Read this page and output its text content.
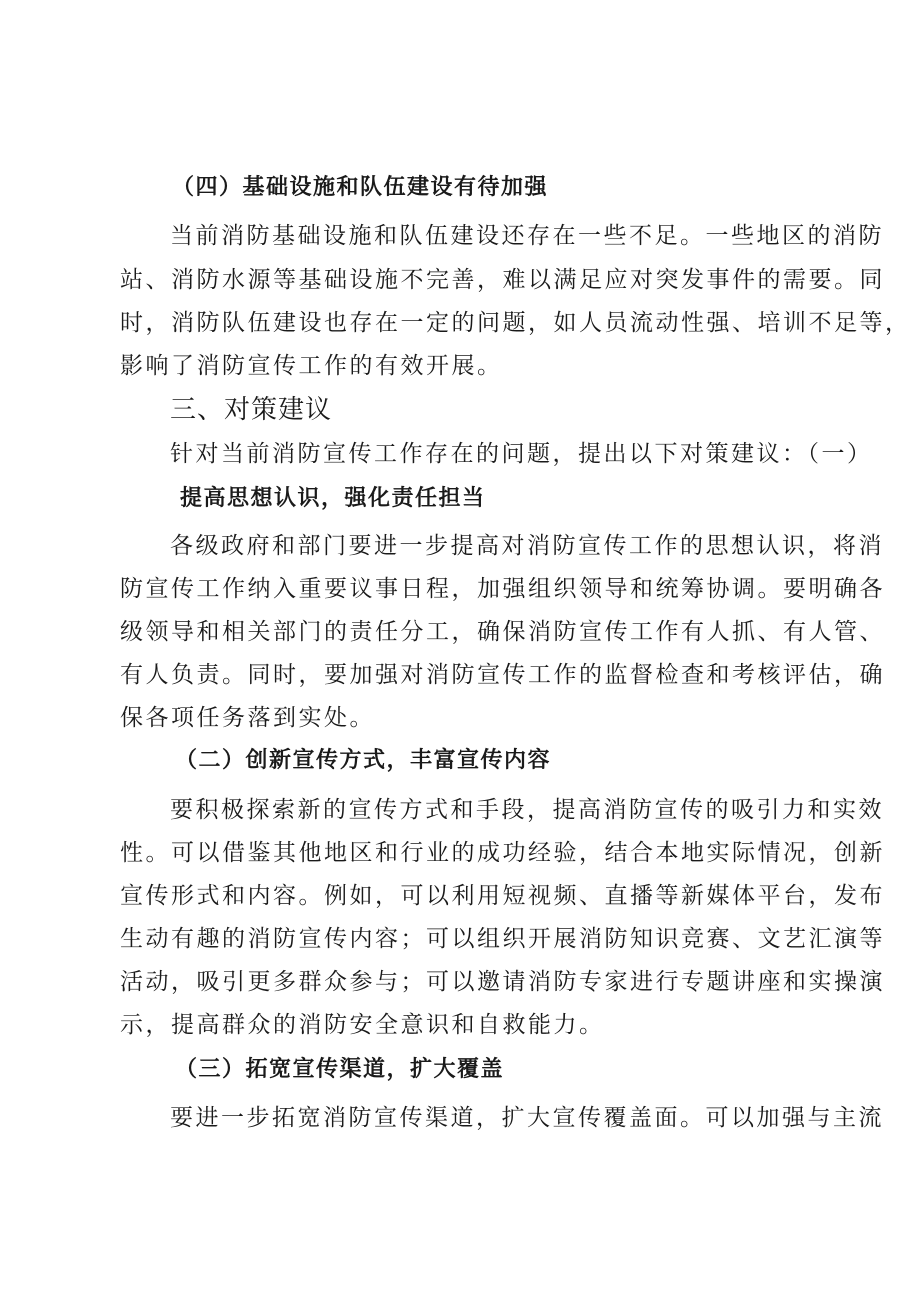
（四）基础设施和队伍建设有待加强
当前消防基础设施和队伍建设还存在一些不足。一些地区的消防
站、消防水源等基础设施不完善，难以满足应对突发事件的需要。同
时，消防队伍建设也存在一定的问题，如人员流动性强、培训不足等，
影响了消防宣传工作的有效开展。
三、对策建议
针对当前消防宣传工作存在的问题，提出以下对策建议：（一）
提高思想认识，强化责任担当
各级政府和部门要进一步提高对消防宣传工作的思想认识，将消
防宣传工作纳入重要议事日程，加强组织领导和统筹协调。要明确各
级领导和相关部门的责任分工，确保消防宣传工作有人抓、有人管、
有人负责。同时，要加强对消防宣传工作的监督检查和考核评估，确
保各项任务落到实处。
（二）创新宣传方式，丰富宣传内容
要积极探索新的宣传方式和手段，提高消防宣传的吸引力和实效
性。可以借鉴其他地区和行业的成功经验，结合本地实际情况，创新
宣传形式和内容。例如，可以利用短视频、直播等新媒体平台，发布
生动有趣的消防宣传内容；可以组织开展消防知识竞赛、文艺汇演等
活动，吸引更多群众参与；可以邀请消防专家进行专题讲座和实操演
示，提高群众的消防安全意识和自救能力。
（三）拓宽宣传渠道，扩大覆盖
要进一步拓宽消防宣传渠道，扩大宣传覆盖面。可以加强与主流
